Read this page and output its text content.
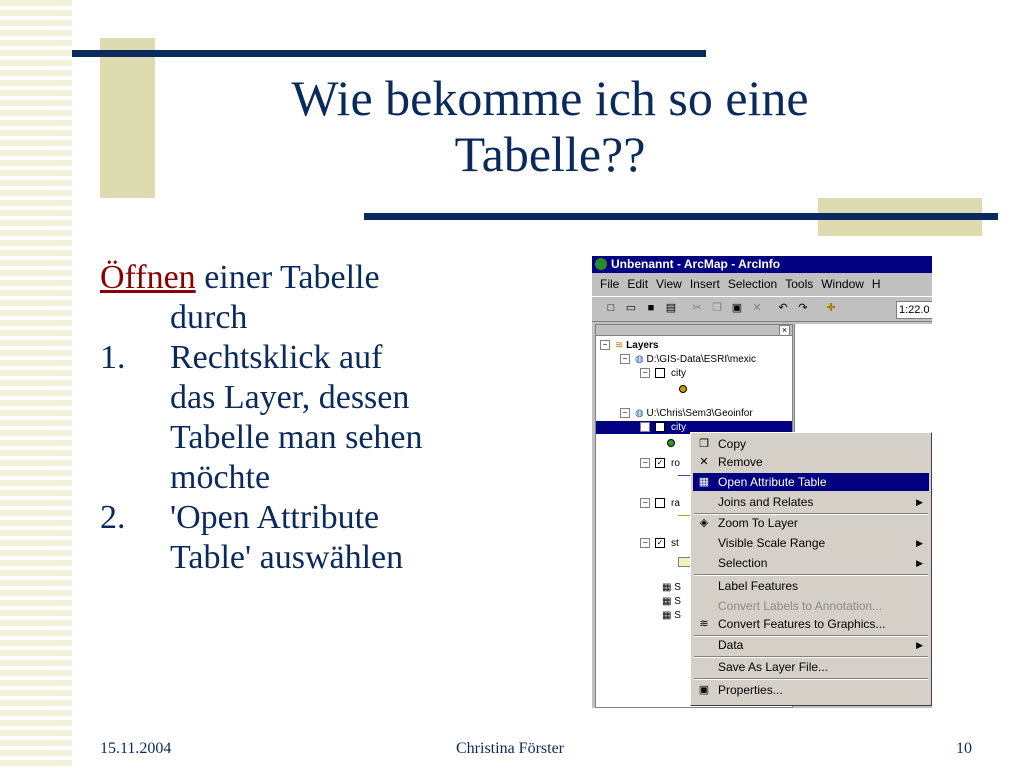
Wie bekomme ich so eine
Tabelle??

Öffnen einer Tabelle

durch

1.	Rechtsklick auf
das Layer, dessen
Tabelle man sehen
möchte
2.	'Open Attribute
Table' auswählen
Unbenannt - ArcMap - ArcInfo
File Edit View Insert Selection Tools Window H
□	▭	■	▤ ✂ ❐ ▣ ✕ ↶ ↷ ✚	1:22.0
×
− ≋ Layers
− ◍ D:\GIS-Data\ESRI\mexic
− city
− ◍ U:\Chris\Sem3\Geoinfor
− ✓ city
− ✓ ro
− ra
− ✓ st
▦ S
▦ S
▦ S
❐ Copy
✕ Remove
▦ Open Attribute Table
Joins and Relates	▶
◈ Zoom To Layer
Visible Scale Range	▶
Selection	▶
Label Features
Convert Labels to Annotation...
≋ Convert Features to Graphics...
Data	▶
Save As Layer File...
▣ Properties...
15.11.2004	Christina Förster	10
